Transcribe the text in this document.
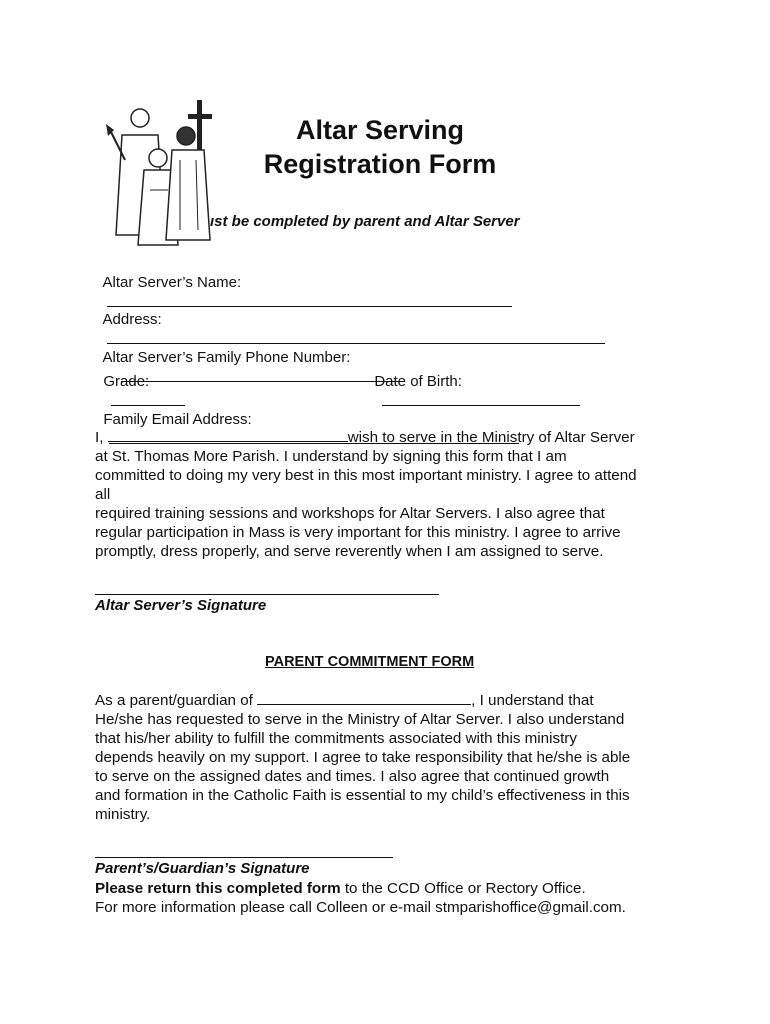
Altar Serving
Registration Form
ıst be completed by parent and Altar Server

Altar Server’s Name:

Address:

Altar Server’s Family Phone Number:

Grade:
	Date of Birth:

Family Email Address:

I,	wish to serve in the Ministry of Altar Server
at St. Thomas More Parish. I understand by signing this form that I am
committed to doing my very best in this most important ministry. I agree to attend
all
required training sessions and workshops for Altar Servers. I also agree that
regular participation in Mass is very important for this ministry. I agree to arrive
promptly, dress properly, and serve reverently when I am assigned to serve.
Altar Server’s Signature
PARENT COMMITMENT FORM
As a parent/guardian of	, I understand that
He/she has requested to serve in the Ministry of Altar Server. I also understand
that his/her ability to fulfill the commitments associated with this ministry
depends heavily on my support. I agree to take responsibility that he/she is able
to serve on the assigned dates and times. I also agree that continued growth
and formation in the Catholic Faith is essential to my child’s effectiveness in this
ministry.
Parent’s/Guardian’s Signature
Please return this completed form to the CCD Office or Rectory Office.
For more information please call Colleen or e-mail stmparishoffice@gmail.com.
